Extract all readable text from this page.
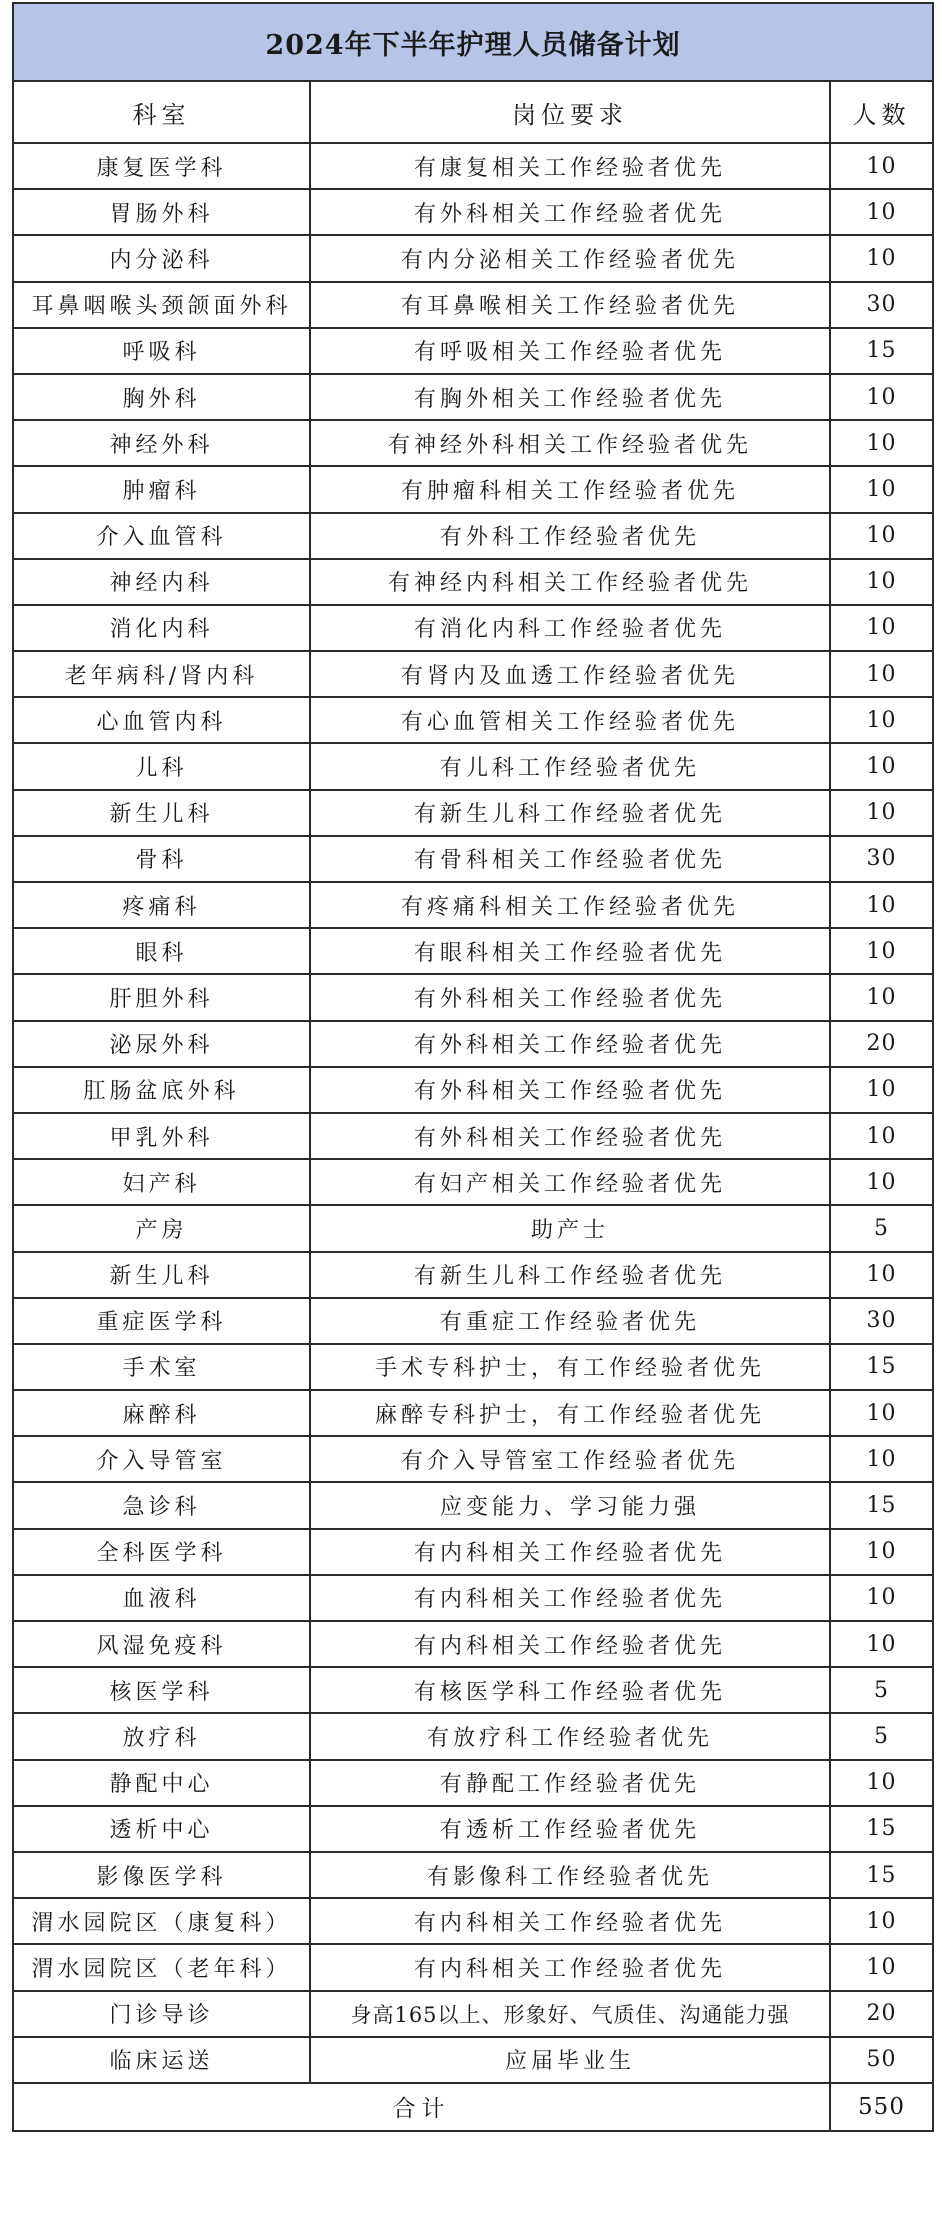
2024年下半年护理人员储备计划		
科室	岗位要求	人数
康复医学科	有康复相关工作经验者优先	10
胃肠外科	有外科相关工作经验者优先	10
内分泌科	有内分泌相关工作经验者优先	10
耳鼻咽喉头颈颌面外科	有耳鼻喉相关工作经验者优先	30
呼吸科	有呼吸相关工作经验者优先	15
胸外科	有胸外相关工作经验者优先	10
神经外科	有神经外科相关工作经验者优先	10
肿瘤科	有肿瘤科相关工作经验者优先	10
介入血管科	有外科工作经验者优先	10
神经内科	有神经内科相关工作经验者优先	10
消化内科	有消化内科工作经验者优先	10
老年病科/肾内科	有肾内及血透工作经验者优先	10
心血管内科	有心血管相关工作经验者优先	10
儿科	有儿科工作经验者优先	10
新生儿科	有新生儿科工作经验者优先	10
骨科	有骨科相关工作经验者优先	30
疼痛科	有疼痛科相关工作经验者优先	10
眼科	有眼科相关工作经验者优先	10
肝胆外科	有外科相关工作经验者优先	10
泌尿外科	有外科相关工作经验者优先	20
肛肠盆底外科	有外科相关工作经验者优先	10
甲乳外科	有外科相关工作经验者优先	10
妇产科	有妇产相关工作经验者优先	10
产房	助产士	5
新生儿科	有新生儿科工作经验者优先	10
重症医学科	有重症工作经验者优先	30
手术室	手术专科护士，有工作经验者优先	15
麻醉科	麻醉专科护士，有工作经验者优先	10
介入导管室	有介入导管室工作经验者优先	10
急诊科	应变能力、学习能力强	15
全科医学科	有内科相关工作经验者优先	10
血液科	有内科相关工作经验者优先	10
风湿免疫科	有内科相关工作经验者优先	10
核医学科	有核医学科工作经验者优先	5
放疗科	有放疗科工作经验者优先	5
静配中心	有静配工作经验者优先	10
透析中心	有透析工作经验者优先	15
影像医学科	有影像科工作经验者优先	15
渭水园院区（康复科）	有内科相关工作经验者优先	10
渭水园院区（老年科）	有内科相关工作经验者优先	10
门诊导诊	身高165以上、形象好、气质佳、沟通能力强	20
临床运送	应届毕业生	50
合计		550
